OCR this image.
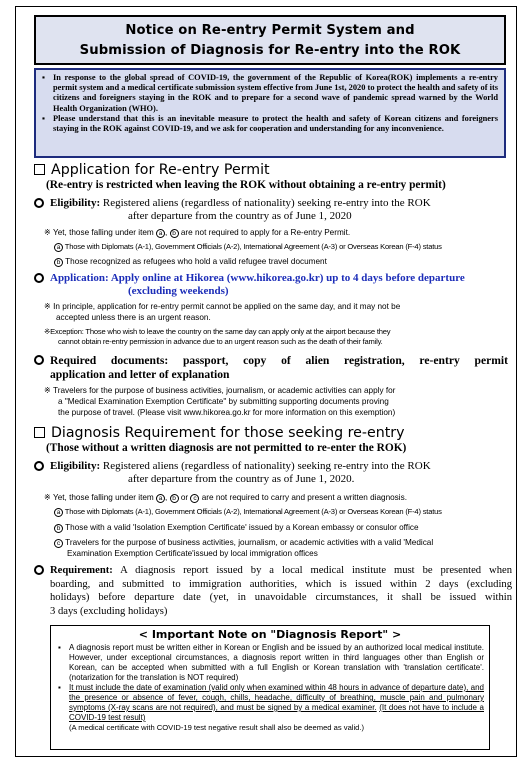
Notice on Re-entry Permit System and
Submission of Diagnosis for Re-entry into the ROK
▪ In response to the global spread of COVID-19, the government of the Republic of Korea(ROK) implements a re-entry permit system and a medical certificate submission system effective from June 1st, 2020 to protect the health and safety of its citizens and foreigners staying in the ROK and to prepare for a second wave of pandemic spread warned by the World Health Organization (WHO).
▪ Please understand that this is an inevitable measure to protect the health and safety of Korean citizens and foreigners staying in the ROK against COVID-19, and we ask for cooperation and understanding for any inconvenience.
Application for Re-entry Permit
(Re-entry is restricted when leaving the ROK without obtaining a re-entry permit)
Eligibility: Registered aliens (regardless of nationality) seeking re-entry into the ROK
after departure from the country as of June 1, 2020
※ Yet, those falling under item a , b are not required to apply for a Re-entry Permit.
a Those with Diplomats (A-1), Government Officials (A-2), International Agreement (A-3) or Overseas Korean (F-4) status
b Those recognized as refugees who hold a valid refugee travel document
Application: Apply online at Hikorea (www.hikorea.go.kr) up to 4 days before departure
(excluding weekends)
※ In principle, application for re-entry permit cannot be applied on the same day, and it may not be
accepted unless there is an urgent reason.
※Exception: Those who wish to leave the country on the same day can apply only at the airport because they
cannot obtain re-entry permission in advance due to an urgent reason such as the death of their family.
Required documents: passport, copy of alien registration, re-entry permit
application and letter of explanation
※ Travelers for the purpose of business activities, journalism, or academic activities can apply for
a "Medical Examination Exemption Certificate" by submitting supporting documents proving
the purpose of travel. (Please visit www.hikorea.go.kr for more information on this exemption)
Diagnosis Requirement for those seeking re-entry
(Those without a written diagnosis are not permitted to re-enter the ROK)
Eligibility: Registered aliens (regardless of nationality) seeking re-entry into the ROK
after departure from the country as of June 1, 2020.
※ Yet, those falling under item a , b or c are not required to carry and present a written diagnosis.
a Those with Diplomats (A-1), Government Officials (A-2), International Agreement (A-3) or Overseas Korean (F-4) status
b Those with a valid 'Isolation Exemption Certificate' issued by a Korean embassy or consulor office
c Travelers for the purpose of business activities, journalism, or academic activities with a valid 'Medical
Examination Exemption Certificate'issued by local immigration offices
Requirement: A diagnosis report issued by a local medical institute must be presented when
boarding, and submitted to immigration authorities, which is issued within 2 days (excluding
holidays) before departure date (yet, in unavoidable circumstances, it shall be issued within
3 days (excluding holidays)
< Important Note on "Diagnosis Report" >
▪ A diagnosis report must be written either in Korean or English and be issued by an authorized local medical institute. However, under exceptional circumstances, a diagnosis report written in third languages other than English or Korean, can be accepted when submitted with a full English or Korean translation with 'translation certificate'. (notarization for the translation is NOT required)
▪ It must include the date of examination (valid only when examined within 48 hours in advance of departure date), and the presence or absence of fever, cough, chills, headache, difficulty of breathing, muscle pain and pulmonary symptoms (X-ray scans are not required), and must be signed by a medical examiner. (It does not have to include a COVID-19 test result)
(A medical certificate with COVID-19 test negative result shall also be deemed as valid.)
